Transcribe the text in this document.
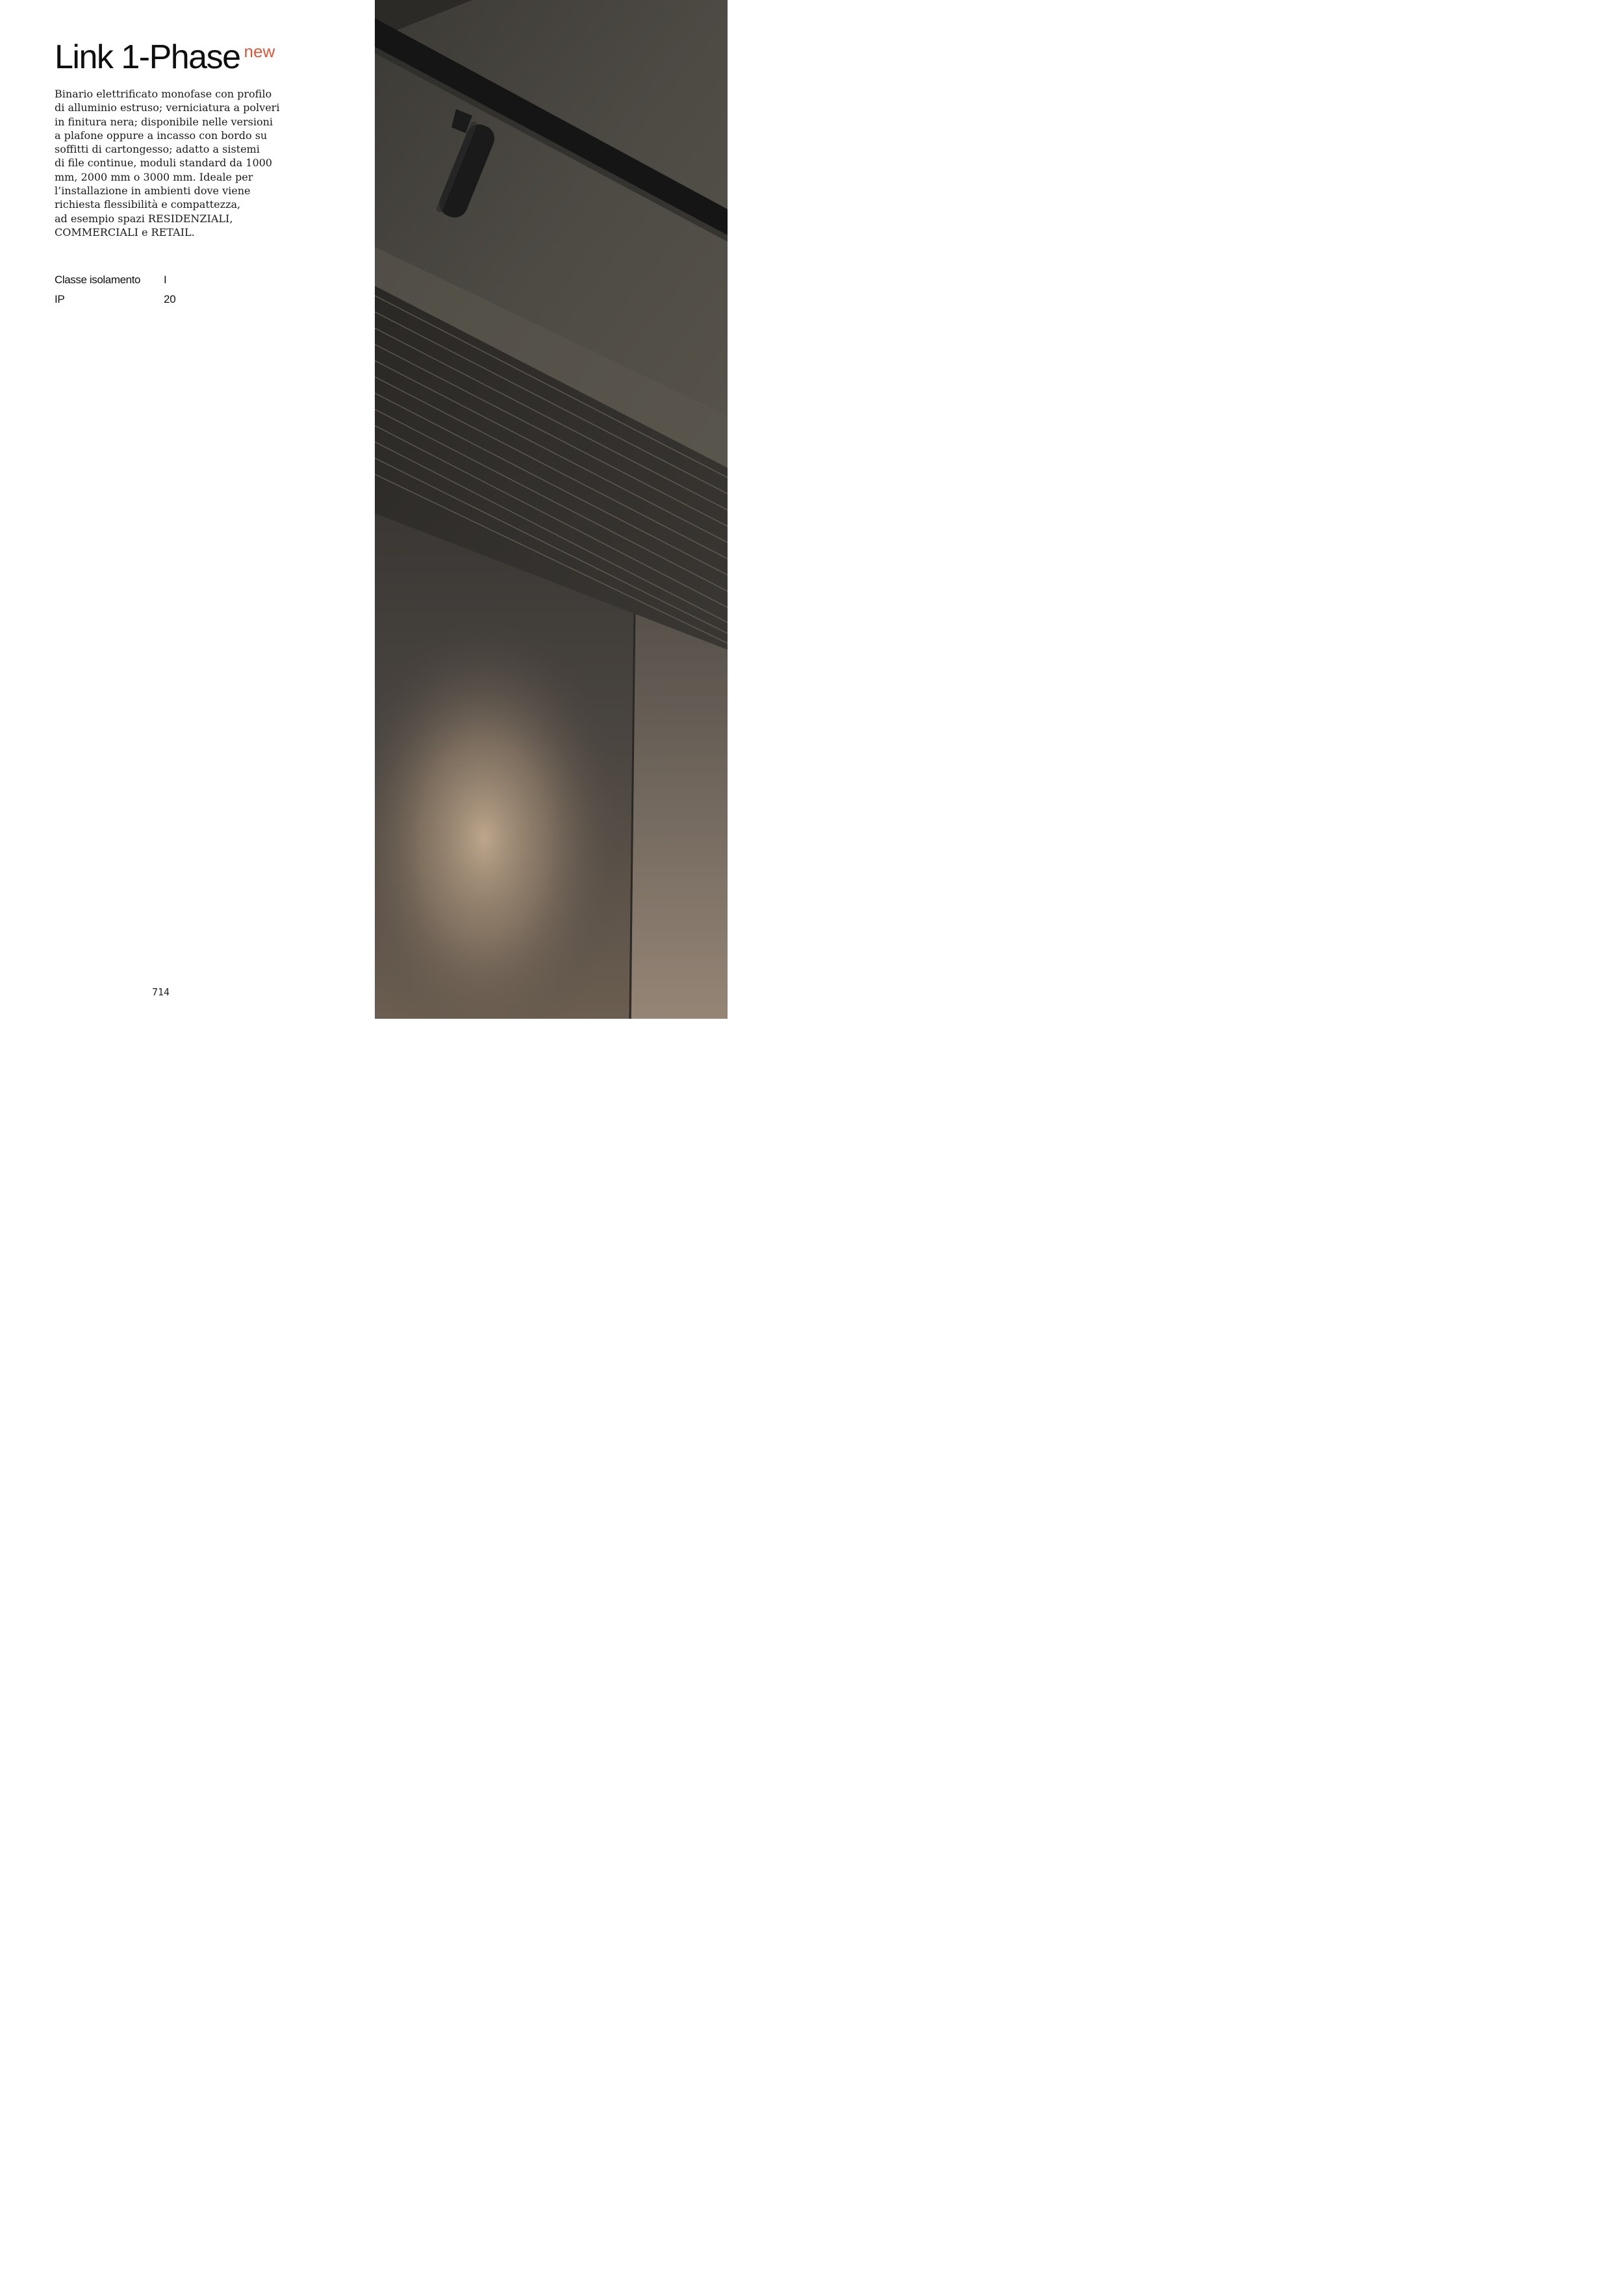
Link 1-Phase new
Binario elettrificato monofase con profilo
di alluminio estruso; verniciatura a polveri
in finitura nera; disponibile nelle versioni
a plafone oppure a incasso con bordo su
soffitti di cartongesso; adatto a sistemi
di file continue, moduli standard da 1000
mm, 2000 mm o 3000 mm. Ideale per
l’installazione in ambienti dove viene
richiesta flessibilità e compattezza,
ad esempio spazi RESIDENZIALI,
COMMERCIALI e RETAIL.
Classe isolamento	I
IP	20
714
